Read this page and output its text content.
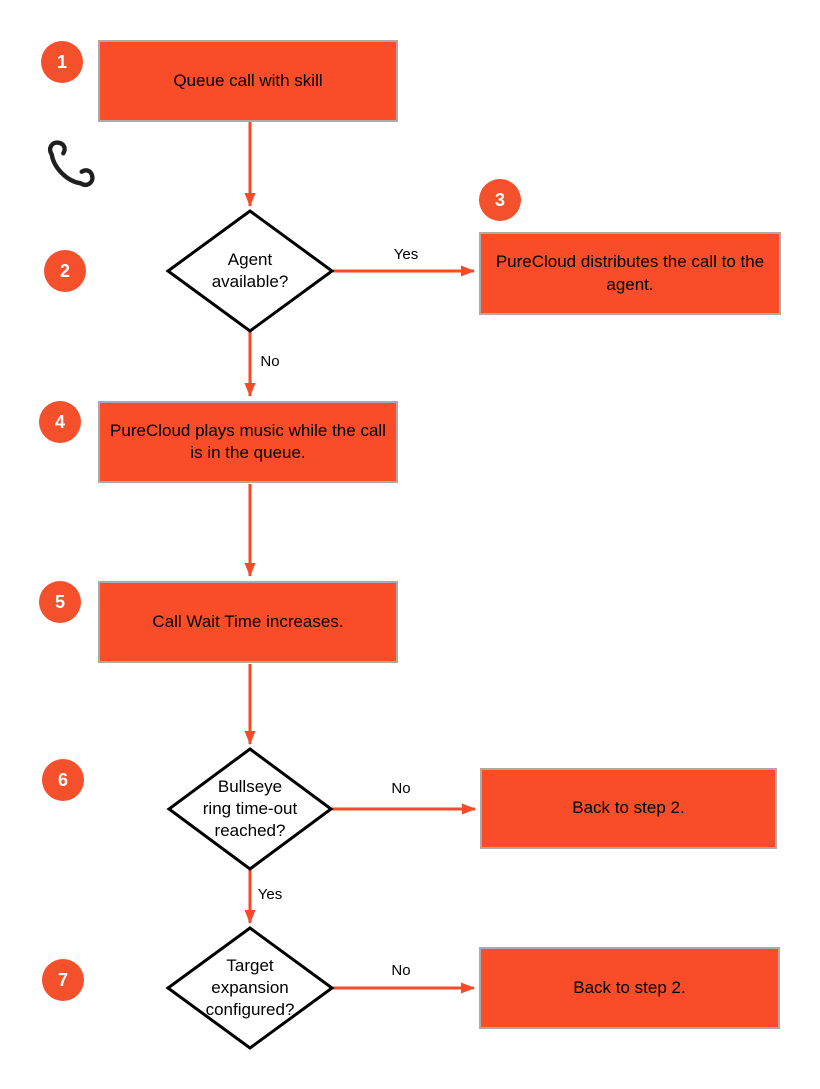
1
2
3
4
5
6
7
Queue call with skill
PureCloud distributes the call to the agent.
PureCloud plays music while the call is in the queue.
Call Wait Time increases.
Back to step 2.
Back to step 2.
Agent
available?
Bullseye
ring time-out
reached?
Target
expansion
configured?
Yes
No
No
Yes
No
